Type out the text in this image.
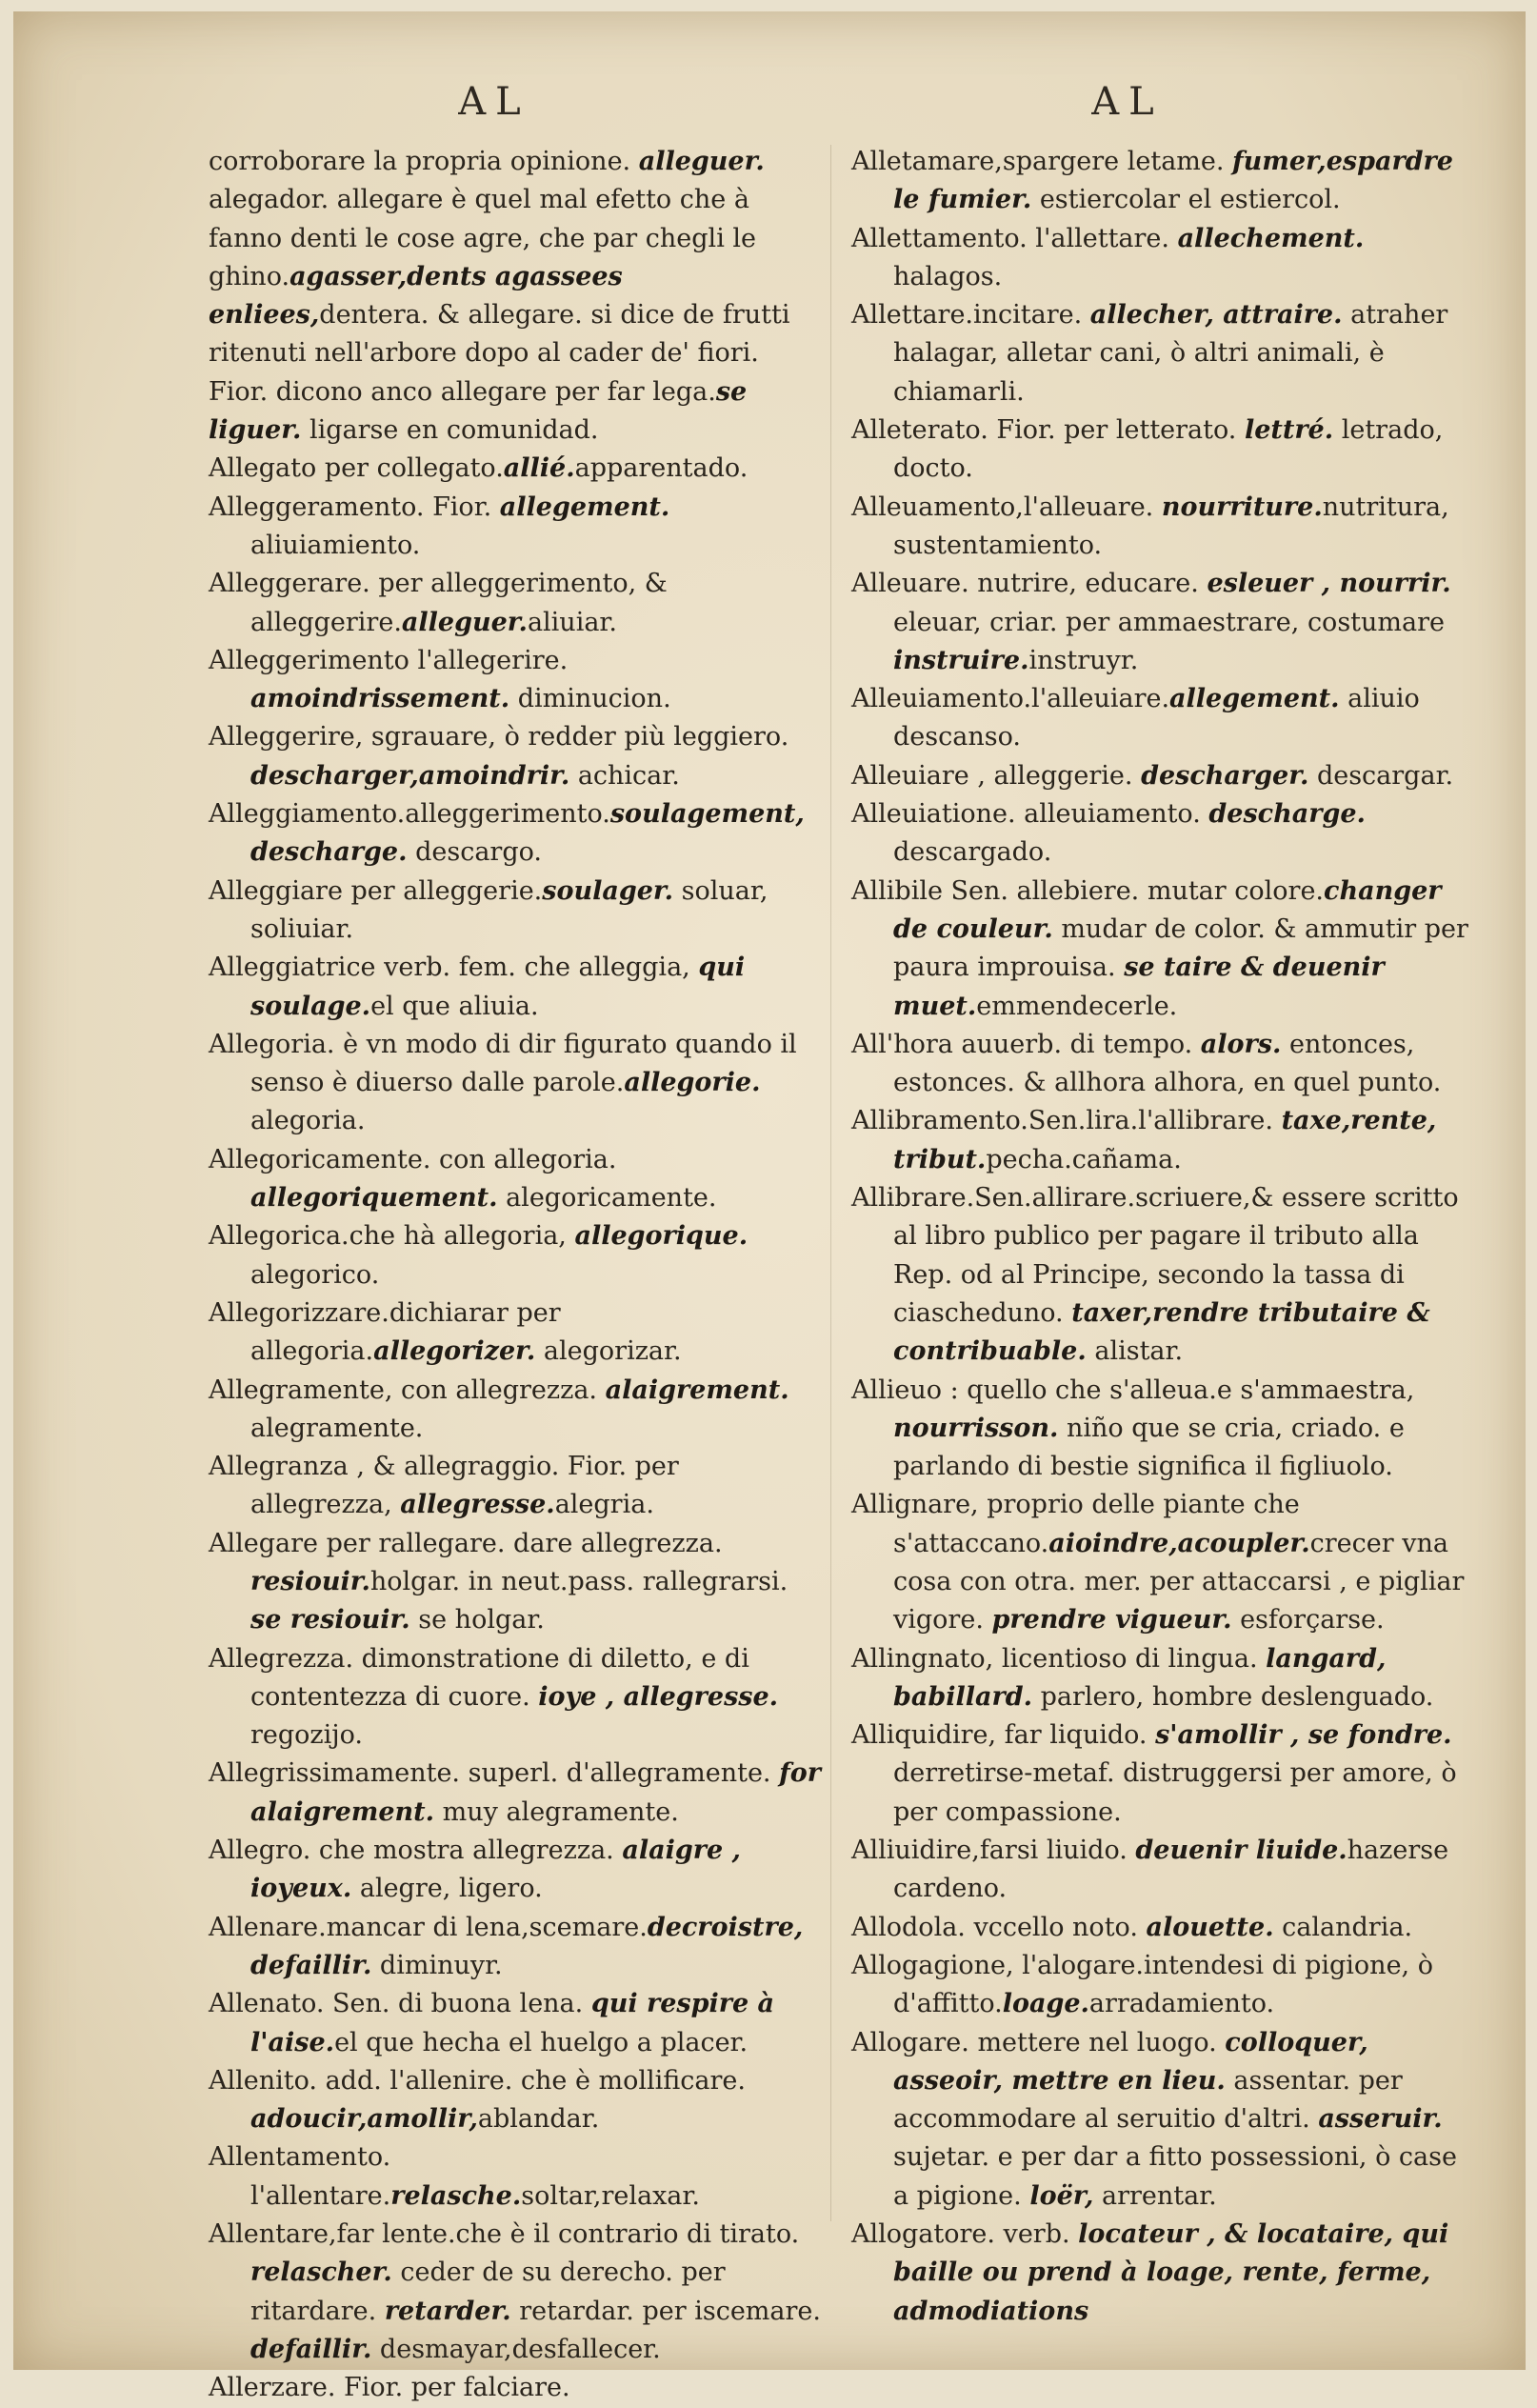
AL	AL

corroborare la propria opinione. alleguer. alegador. allegare è quel mal efetto che à fanno denti le cose agre, che par chegli le ghino.agasser,dents agassees enliees,dentera. & allegare. si dice de frutti ritenuti nell'arbore dopo al cader de' fiori. Fior. dicono anco allegare per far lega.se liguer. ligarse en comunidad.

Allegato per collegato.allié.apparentado.

Alleggeramento. Fior. allegement. aliuiamiento.

Alleggerare. per alleggerimento, & alleggerire.alleguer.aliuiar.

Alleggerimento l'allegerire. amoindrissement. diminucion.

Alleggerire, sgrauare, ò redder più leggiero. descharger,amoindrir. achicar.

Alleggiamento.alleggerimento.soulagement, descharge. descargo.

Alleggiare per alleggerie.soulager. soluar, soliuiar.

Alleggiatrice verb. fem. che alleggia, qui soulage.el que aliuia.

Allegoria. è vn modo di dir figurato quando il senso è diuerso dalle parole.allegorie. alegoria.

Allegoricamente. con allegoria. allegoriquement. alegoricamente.

Allegorica.che hà allegoria, allegorique. alegorico.

Allegorizzare.dichiarar per allegoria.allegorizer. alegorizar.

Allegramente, con allegrezza. alaigrement. alegramente.

Allegranza , & allegraggio. Fior. per allegrezza, allegresse.alegria.

Allegare per rallegare. dare allegrezza. resiouir.holgar. in neut.pass. rallegrarsi. se resiouir. se holgar.

Allegrezza. dimonstratione di diletto, e di contentezza di cuore. ioye , allegresse. regozijo.

Allegrissimamente. superl. d'allegramente. for alaigrement. muy alegramente.

Allegro. che mostra allegrezza. alaigre , ioyeux. alegre, ligero.

Allenare.mancar di lena,scemare.decroistre, defaillir. diminuyr.

Allenato. Sen. di buona lena. qui respire à l'aise.el que hecha el huelgo a placer.

Allenito. add. l'allenire. che è mollificare. adoucir,amollir,ablandar.

Allentamento. l'allentare.relasche.soltar,relaxar.

Allentare,far lente.che è il contrario di tirato. relascher. ceder de su derecho. per ritardare. retarder. retardar. per iscemare. defaillir. desmayar,desfallecer.

Allerzare. Fior. per falciare.

Alletamare,spargere letame. fumer,espardre le fumier. estiercolar el estiercol.

Allettamento. l'allettare. allechement. halagos.

Allettare.incitare. allecher, attraire. atraher halagar, alletar cani, ò altri animali, è chiamarli.

Alleterato. Fior. per letterato. lettré. letrado, docto.

Alleuamento,l'alleuare. nourriture.nutritura, sustentamiento.

Alleuare. nutrire, educare. esleuer , nourrir. eleuar, criar. per ammaestrare, costumare instruire.instruyr.

Alleuiamento.l'alleuiare.allegement. aliuio descanso.

Alleuiare , alleggerie. descharger. descargar.

Alleuiatione. alleuiamento. descharge. descargado.

Allibile Sen. allebiere. mutar colore.changer de couleur. mudar de color. & ammutir per paura improuisa. se taire & deuenir muet.emmendecerle.

All'hora auuerb. di tempo. alors. entonces, estonces. & allhora alhora, en quel punto.

Allibramento.Sen.lira.l'allibrare. taxe,rente, tribut.pecha.cañama.

Allibrare.Sen.allirare.scriuere,& essere scritto al libro publico per pagare il tributo alla Rep. od al Principe, secondo la tassa di ciascheduno. taxer,rendre tributaire & contribuable. alistar.

Allieuo : quello che s'alleua.e s'ammaestra, nourrisson. niño que se cria, criado. e parlando di bestie significa il figliuolo.

Allignare, proprio delle piante che s'attaccano.aioindre,acoupler.crecer vna cosa con otra. mer. per attaccarsi , e pigliar vigore. prendre vigueur. esforçarse.

Allingnato, licentioso di lingua. langard, babillard. parlero, hombre deslenguado.

Alliquidire, far liquido. s'amollir , se fondre. derretirse-metaf. distruggersi per amore, ò per compassione.

Alliuidire,farsi liuido. deuenir liuide.hazerse cardeno.

Allodola. vccello noto. alouette. calandria.

Allogagione, l'alogare.intendesi di pigione, ò d'affitto.loage.arradamiento.

Allogare. mettere nel luogo. colloquer, asseoir, mettre en lieu. assentar. per accommodare al seruitio d'altri. asseruir. sujetar. e per dar a fitto possessioni, ò case a pigione. loër, arrentar.

Allogatore. verb. locateur , & locataire, qui baille ou prend à loage, rente, ferme, admodiations
